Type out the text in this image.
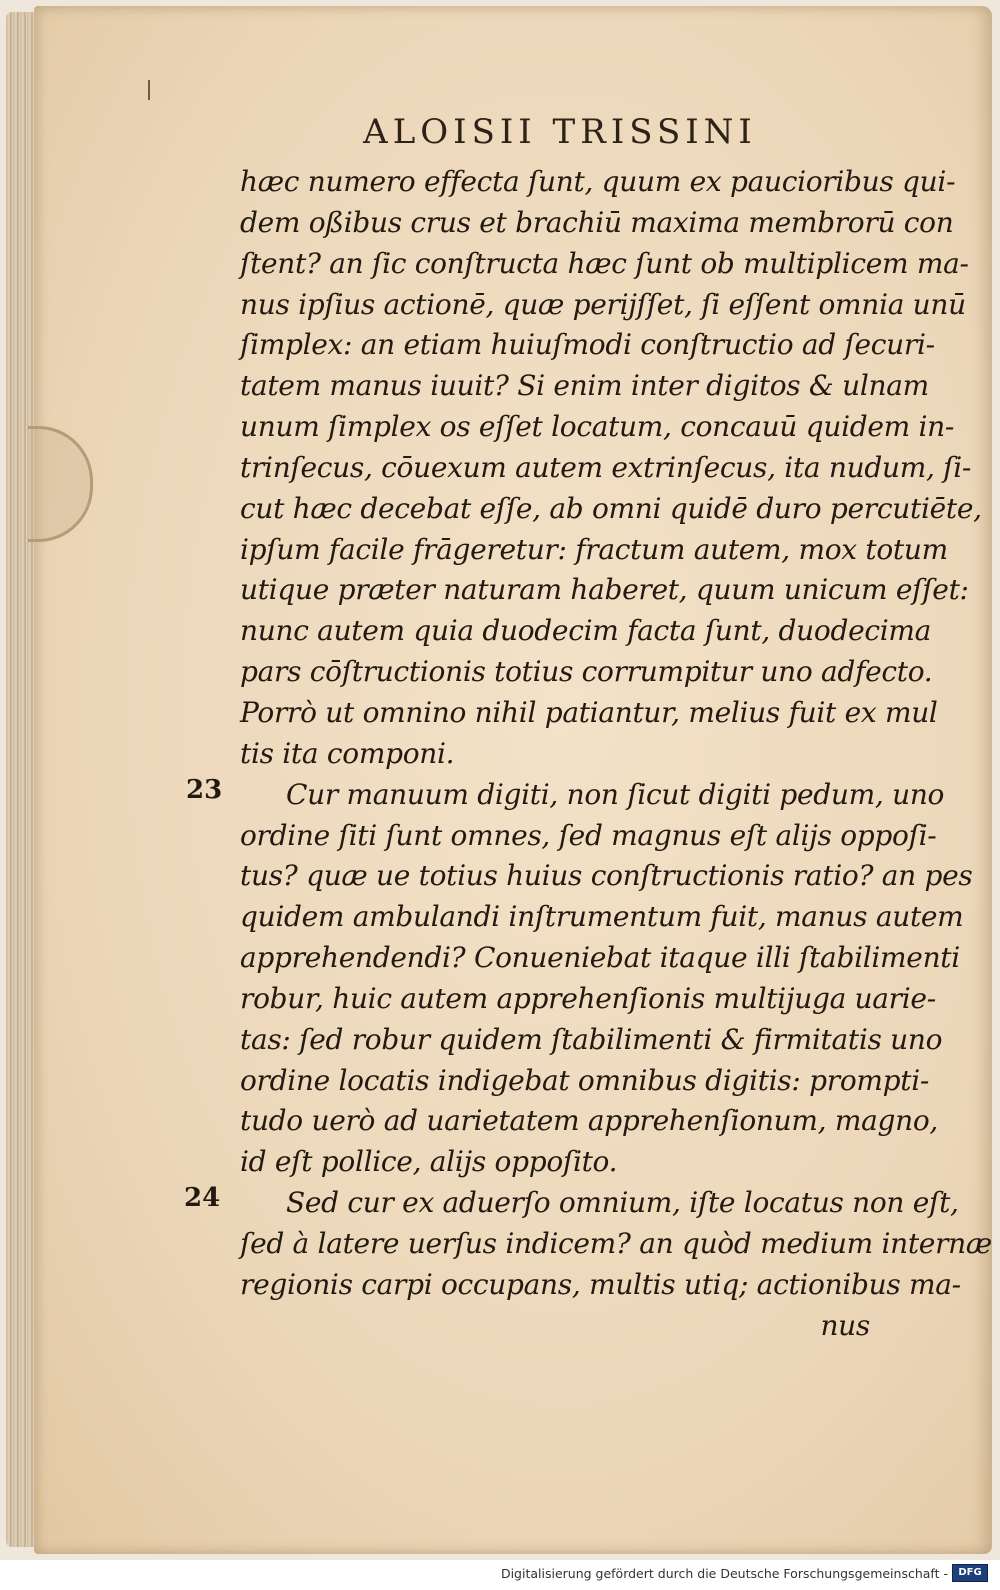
ALOISII TRISSINI
23
24
hæc numero effecta ſunt, quum ex paucioribus qui-
dem oßibus crus et brachiū maxima membrorū con
ſtent? an ſic conſtructa hæc ſunt ob multiplicem ma-
nus ipſius actionē, quæ perijſſet, ſi eſſent omnia unū
ſimplex: an etiam huiuſmodi conſtructio ad ſecuri-
tatem manus iuuit? Si enim inter digitos & ulnam
unum ſimplex os eſſet locatum, concauū quidem in-
trinſecus, cōuexum autem extrinſecus, ita nudum, ſi-
cut hæc decebat eſſe, ab omni quidē duro percutiēte,
ipſum facile frāgeretur: fractum autem, mox totum
utique præter naturam haberet, quum unicum eſſet:
nunc autem quia duodecim facta ſunt, duodecima
pars cōſtructionis totius corrumpitur uno adfecto.
Porrò ut omnino nihil patiantur, melius fuit ex mul
tis ita componi.
Cur manuum digiti, non ſicut digiti pedum, uno
ordine ſiti ſunt omnes, ſed magnus eſt alijs oppoſi-
tus? quæ ue totius huius conſtructionis ratio? an pes
quidem ambulandi inſtrumentum fuit, manus autem
apprehendendi? Conueniebat itaque illi ſtabilimenti
robur, huic autem apprehenſionis multijuga uarie-
tas: ſed robur quidem ſtabilimenti & firmitatis uno
ordine locatis indigebat omnibus digitis: prompti-
tudo uerò ad uarietatem apprehenſionum, magno,
id eſt pollice, alijs oppoſito.
Sed cur ex aduerſo omnium, iſte locatus non eſt,
ſed à latere uerſus indicem? an quòd medium internæ
regionis carpi occupans, multis utiq; actionibus ma-
nus
Digitalisierung gefördert durch die Deutsche Forschungsgemeinschaft -	DFG
